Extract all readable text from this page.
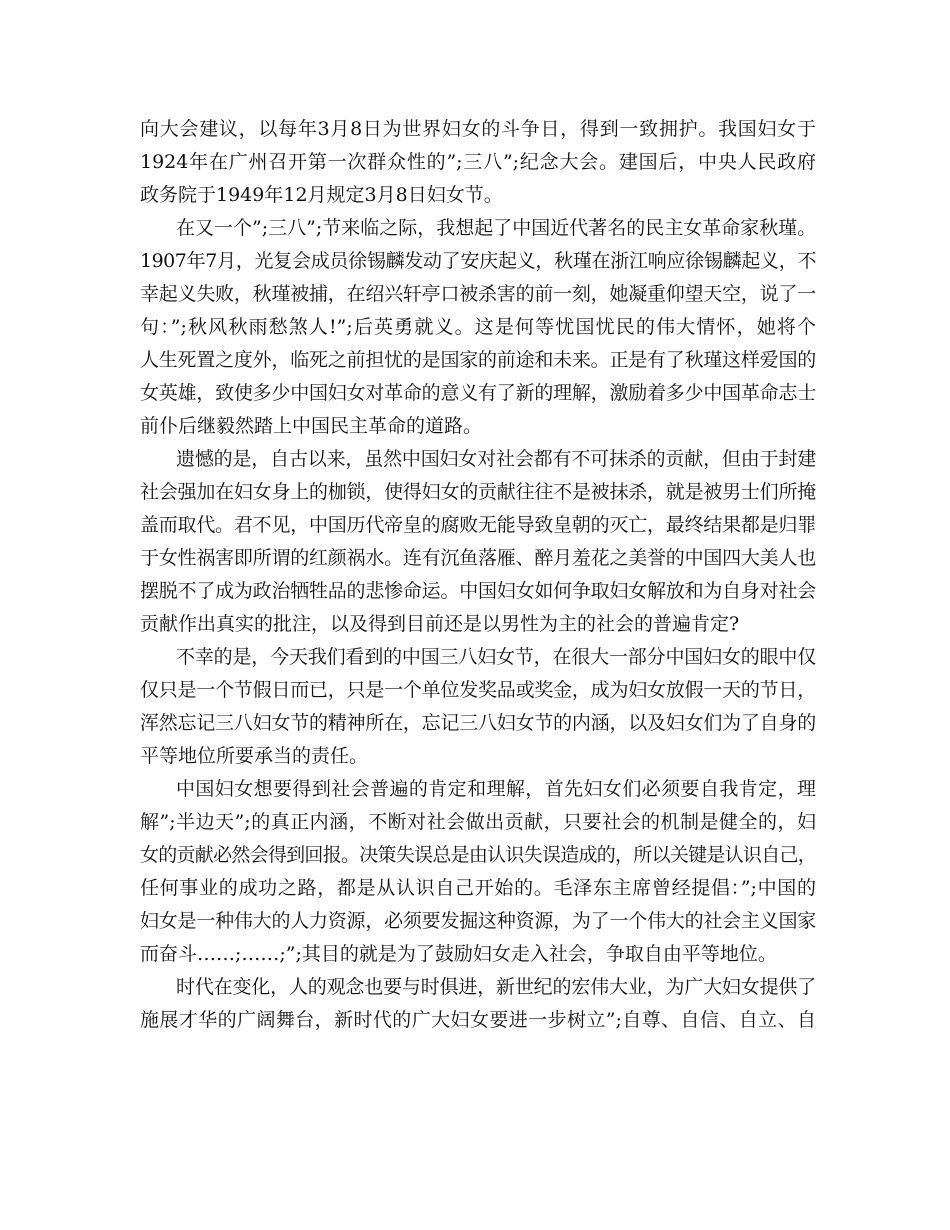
向大会建议，以每年3月8日为世界妇女的斗争日，得到一致拥护。我国妇女于
1924年在广州召开第一次群众性的”;三八”;纪念大会。建国后，中央人民政府
政务院于1949年12月规定3月8日妇女节。
在又一个”;三八”;节来临之际，我想起了中国近代著名的民主女革命家秋瑾。
1907年7月，光复会成员徐锡麟发动了安庆起义，秋瑾在浙江响应徐锡麟起义，不
幸起义失败，秋瑾被捕，在绍兴轩亭口被杀害的前一刻，她凝重仰望天空，说了一
句：”;秋风秋雨愁煞人!”;后英勇就义。这是何等忧国忧民的伟大情怀，她将个
人生死置之度外，临死之前担忧的是国家的前途和未来。正是有了秋瑾这样爱国的
女英雄，致使多少中国妇女对革命的意义有了新的理解，激励着多少中国革命志士
前仆后继毅然踏上中国民主革命的道路。
遗憾的是，自古以来，虽然中国妇女对社会都有不可抹杀的贡献，但由于封建
社会强加在妇女身上的枷锁，使得妇女的贡献往往不是被抹杀，就是被男士们所掩
盖而取代。君不见，中国历代帝皇的腐败无能导致皇朝的灭亡，最终结果都是归罪
于女性祸害即所谓的红颜祸水。连有沉鱼落雁、醉月羞花之美誉的中国四大美人也
摆脱不了成为政治牺牲品的悲惨命运。中国妇女如何争取妇女解放和为自身对社会
贡献作出真实的批注，以及得到目前还是以男性为主的社会的普遍肯定?
不幸的是，今天我们看到的中国三八妇女节，在很大一部分中国妇女的眼中仅
仅只是一个节假日而已，只是一个单位发奖品或奖金，成为妇女放假一天的节日，
浑然忘记三八妇女节的精神所在，忘记三八妇女节的内涵，以及妇女们为了自身的
平等地位所要承当的责任。
中国妇女想要得到社会普遍的肯定和理解，首先妇女们必须要自我肯定，理
解”;半边天”;的真正内涵，不断对社会做出贡献，只要社会的机制是健全的，妇
女的贡献必然会得到回报。决策失误总是由认识失误造成的，所以关键是认识自己，
任何事业的成功之路，都是从认识自己开始的。毛泽东主席曾经提倡：”;中国的
妇女是一种伟大的人力资源，必须要发掘这种资源，为了一个伟大的社会主义国家
而奋斗……;……;”;其目的就是为了鼓励妇女走入社会，争取自由平等地位。
时代在变化，人的观念也要与时俱进，新世纪的宏伟大业，为广大妇女提供了
施展才华的广阔舞台，新时代的广大妇女要进一步树立”;自尊、自信、自立、自
